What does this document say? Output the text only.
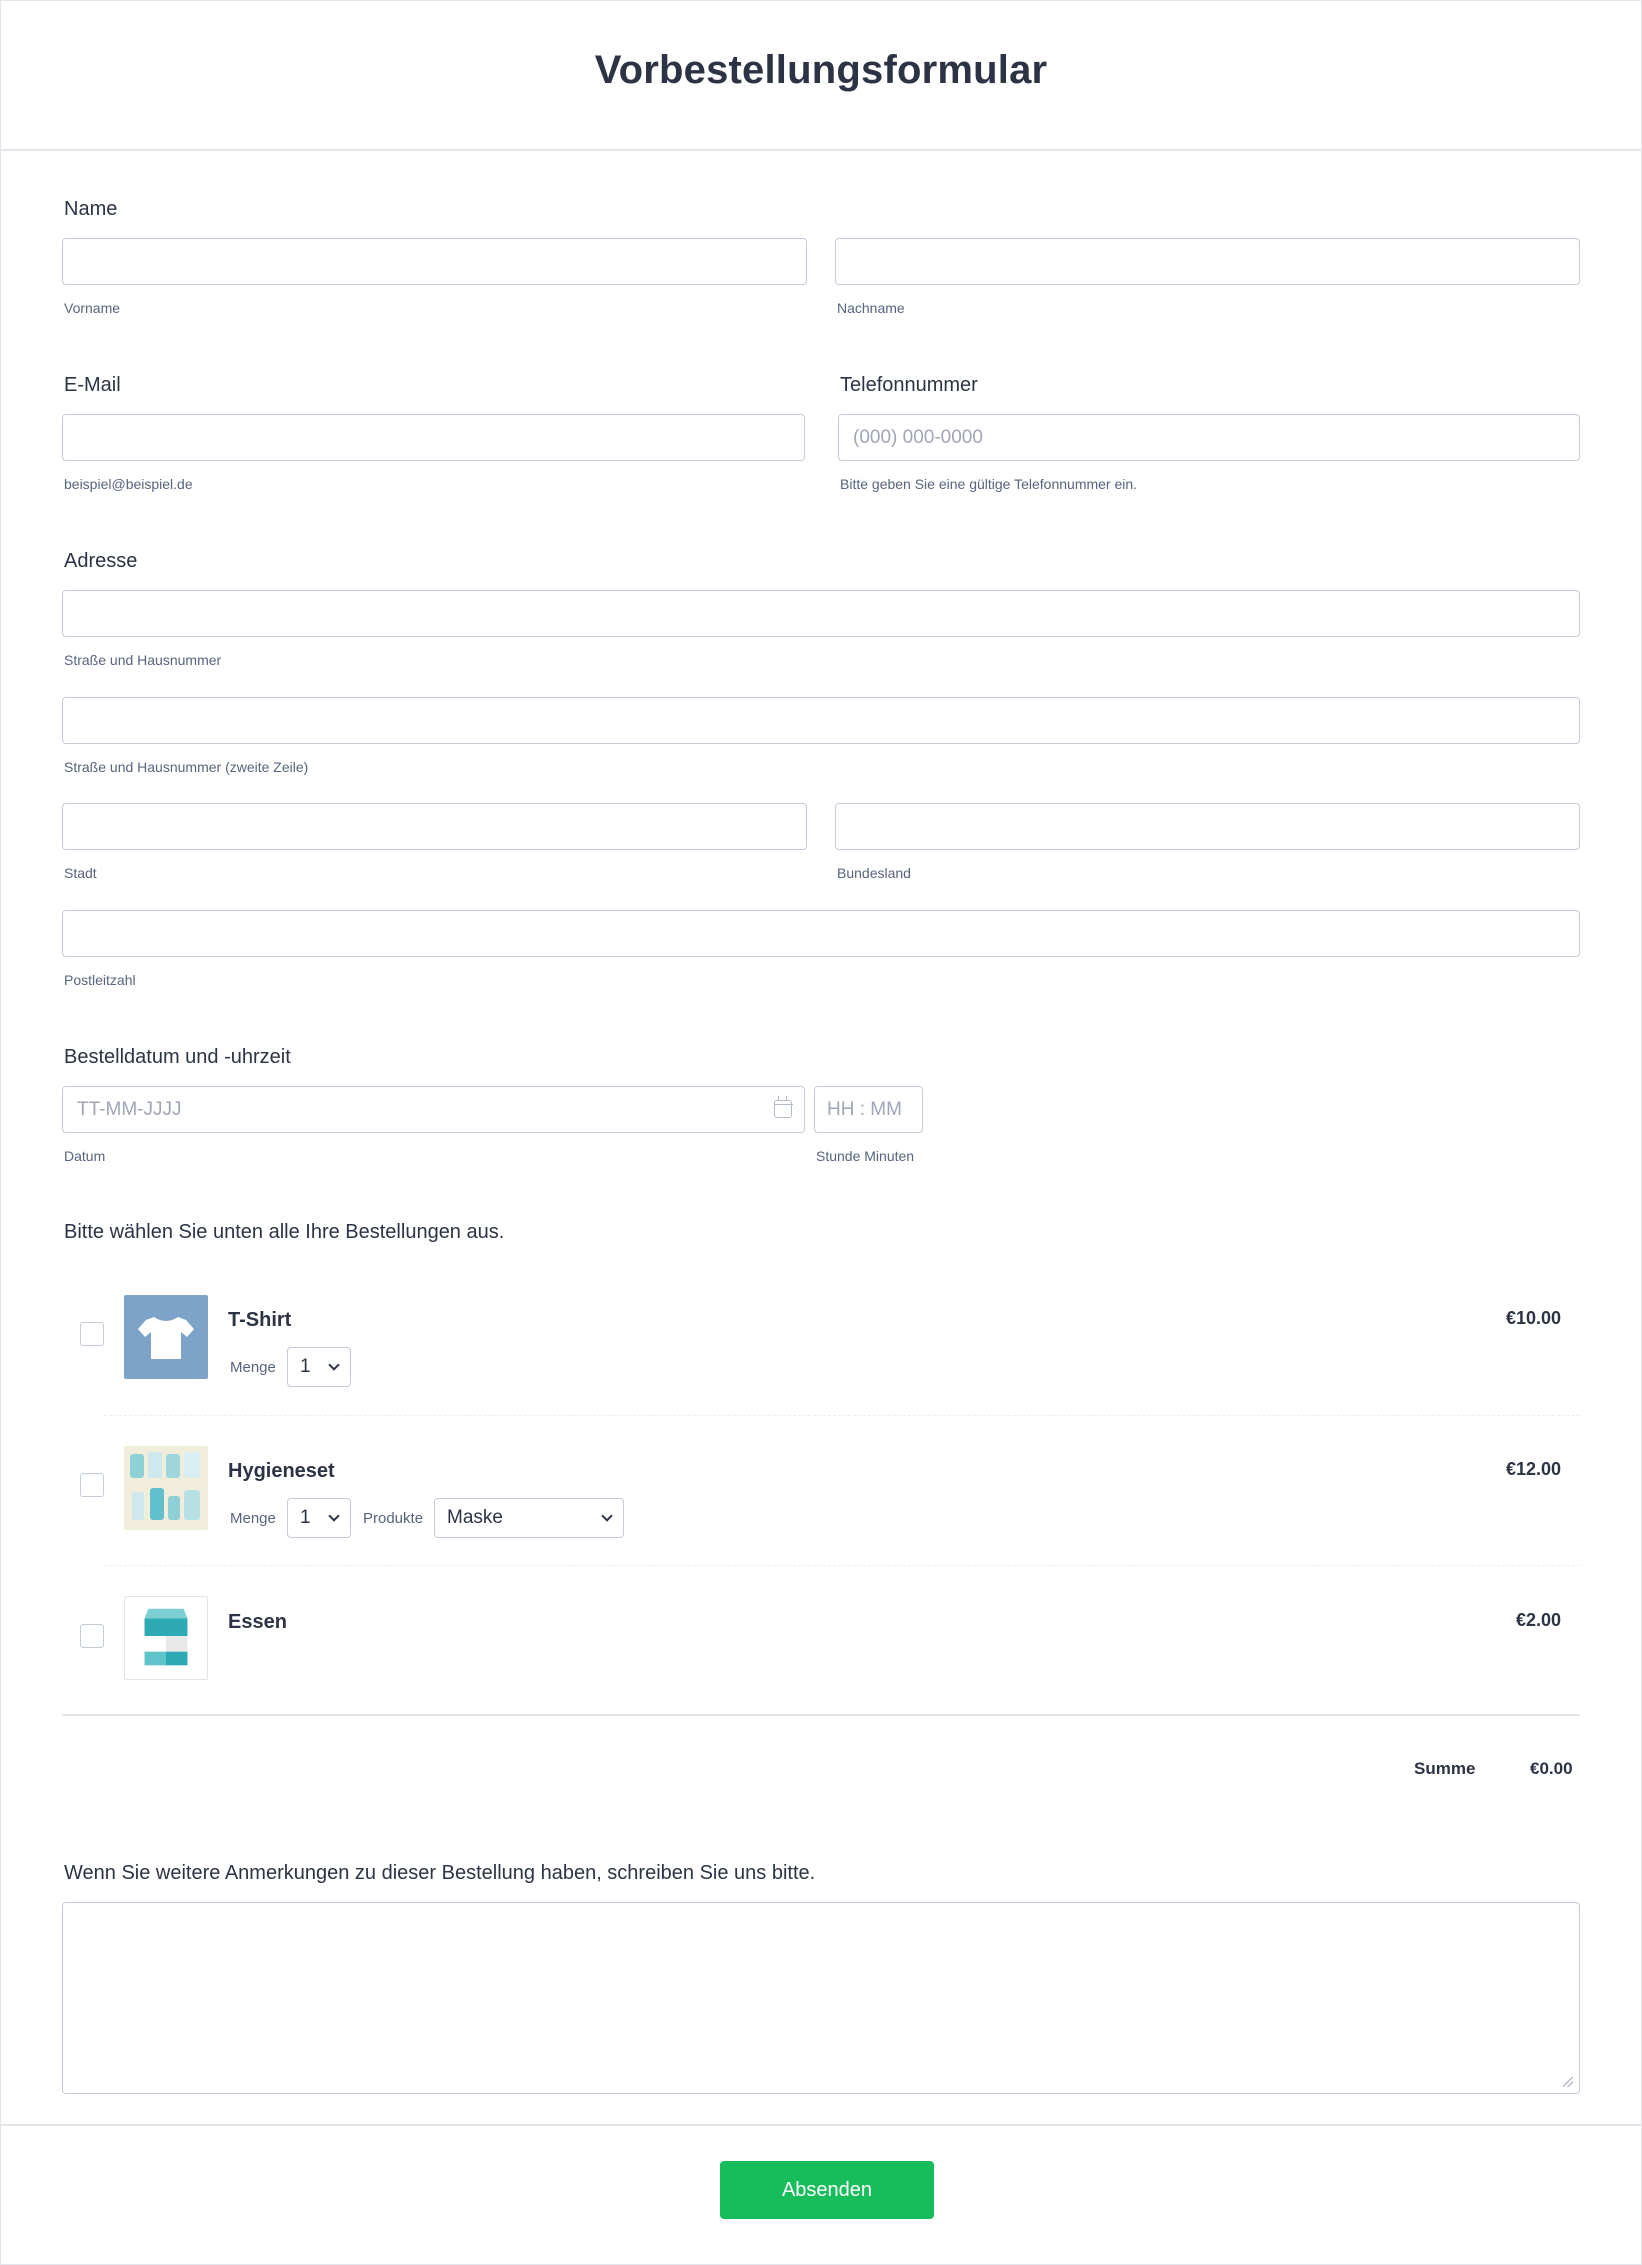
Vorbestellungsformular
Name
Vorname	Nachname
E-Mail
beispiel@beispiel.de
Telefonnummer
(000) 000-0000
Bitte geben Sie eine gültige Telefonnummer ein.
Adresse
Straße und Hausnummer
Straße und Hausnummer (zweite Zeile)
Stadt	Bundesland
Postleitzahl
Bestelldatum und -uhrzeit
TT-MM-JJJJ	HH : MM
Datum	Stunde Minuten
Bitte wählen Sie unten alle Ihre Bestellungen aus.
T-Shirt	€10.00
Menge 1
Hygieneset	€12.00
Menge 1	Produkte Maske
Essen	€2.00
Summe	€0.00
Wenn Sie weitere Anmerkungen zu dieser Bestellung haben, schreiben Sie uns bitte.
Absenden
